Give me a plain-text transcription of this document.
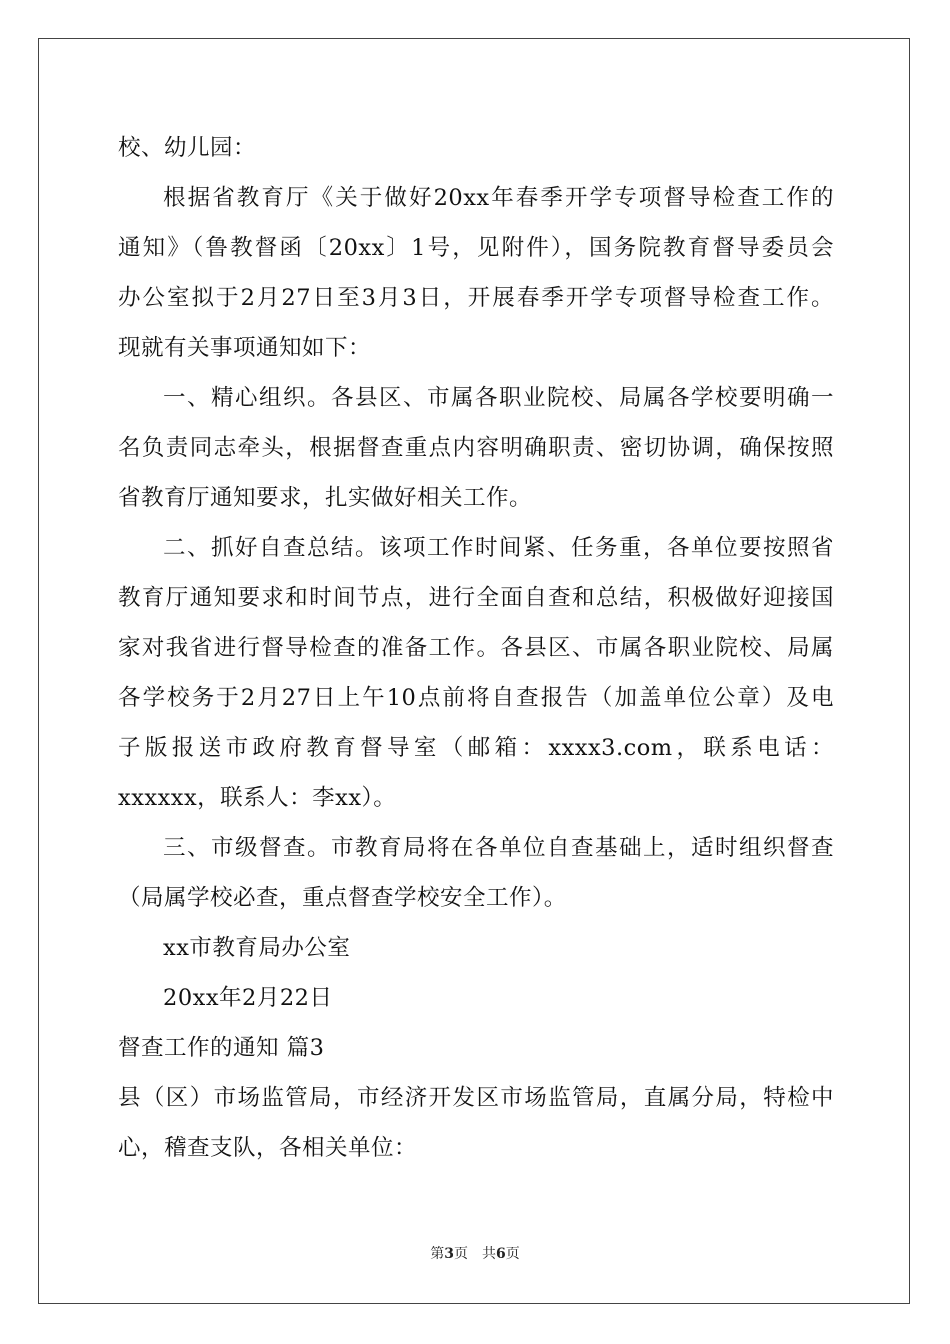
校、幼儿园：
根据省教育厅《关于做好20xx年春季开学专项督导检查工作的
通知》（鲁教督函〔20xx〕1号，见附件），国务院教育督导委员会
办公室拟于2月27日至3月3日，开展春季开学专项督导检查工作。
现就有关事项通知如下：
一、精心组织。各县区、市属各职业院校、局属各学校要明确一
名负责同志牵头，根据督查重点内容明确职责、密切协调，确保按照
省教育厅通知要求，扎实做好相关工作。
二、抓好自查总结。该项工作时间紧、任务重，各单位要按照省
教育厅通知要求和时间节点，进行全面自查和总结，积极做好迎接国
家对我省进行督导检查的准备工作。各县区、市属各职业院校、局属
各学校务于2月27日上午10点前将自查报告（加盖单位公章）及电
子版报送市政府教育督导室（邮箱：xxxx3.com，联系电话：
xxxxxx，联系人：李xx）。
三、市级督查。市教育局将在各单位自查基础上，适时组织督查
（局属学校必查，重点督查学校安全工作）。
xx市教育局办公室
20xx年2月22日
督查工作的通知 篇3
县（区）市场监管局，市经济开发区市场监管局，直属分局，特检中
心，稽查支队，各相关单位：
第3页　共6页
